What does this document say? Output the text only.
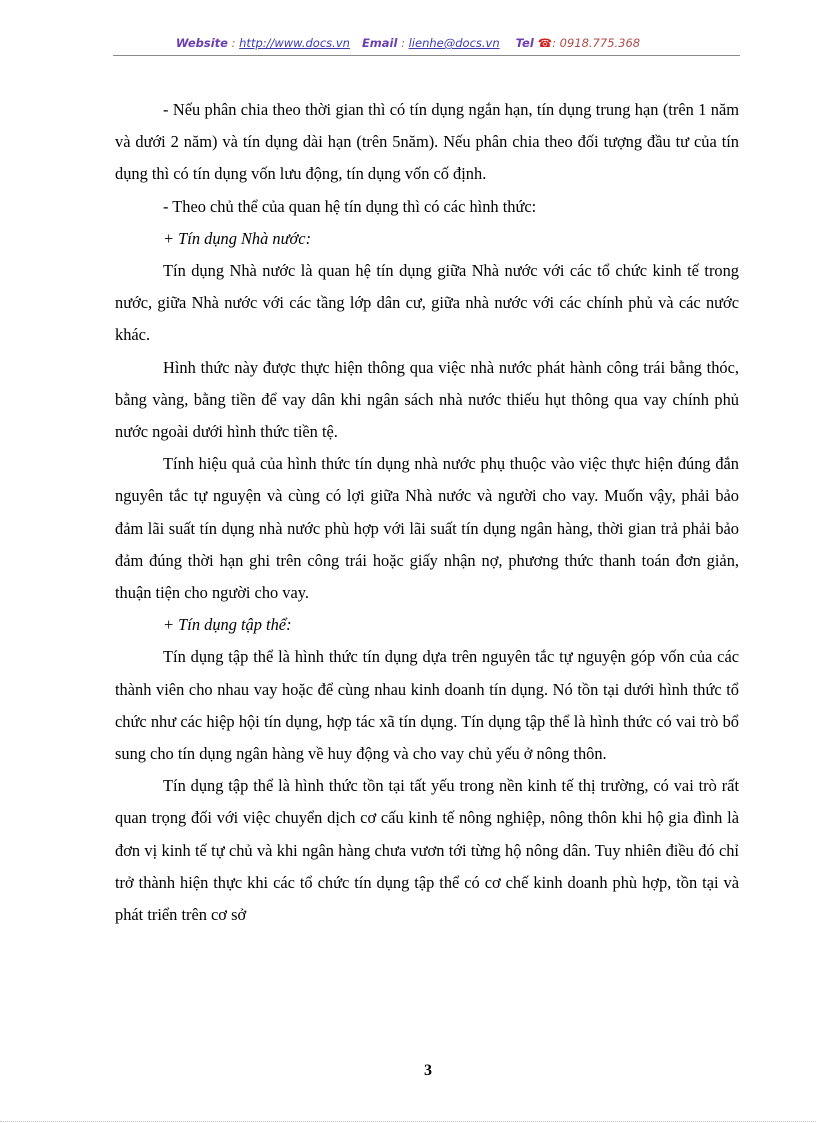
Website : http://www.docs.vn Email : lienhe@docs.vn Tel ☎: 0918.775.368

- Nếu phân chia theo thời gian thì có tín dụng ngắn hạn, tín dụng trung hạn (trên 1 năm và dưới 2 năm) và tín dụng dài hạn (trên 5năm). Nếu phân chia theo đối tượng đầu tư của tín dụng thì có tín dụng vốn lưu động, tín dụng vốn cố định.

- Theo chủ thể của quan hệ tín dụng thì có các hình thức:

+ Tín dụng Nhà nước:

Tín dụng Nhà nước là quan hệ tín dụng giữa Nhà nước với các tổ chức kinh tế trong nước, giữa Nhà nước với các tầng lớp dân cư, giữa nhà nước với các chính phủ và các nước khác.

Hình thức này được thực hiện thông qua việc nhà nước phát hành công trái bằng thóc, bằng vàng, bằng tiền để vay dân khi ngân sách nhà nước thiếu hụt thông qua vay chính phủ nước ngoài dưới hình thức tiền tệ.

Tính hiệu quả của hình thức tín dụng nhà nước phụ thuộc vào việc thực hiện đúng đắn nguyên tắc tự nguyện và cùng có lợi giữa Nhà nước và người cho vay. Muốn vậy, phải bảo đảm lãi suất tín dụng nhà nước phù hợp với lãi suất tín dụng ngân hàng, thời gian trả phải bảo đảm đúng thời hạn ghi trên công trái hoặc giấy nhận nợ, phương thức thanh toán đơn giản, thuận tiện cho người cho vay.

+ Tín dụng tập thể:

Tín dụng tập thể là hình thức tín dụng dựa trên nguyên tắc tự nguyện góp vốn của các thành viên cho nhau vay hoặc để cùng nhau kinh doanh tín dụng. Nó tồn tại dưới hình thức tổ chức như các hiệp hội tín dụng, hợp tác xã tín dụng. Tín dụng tập thể là hình thức có vai trò bổ sung cho tín dụng ngân hàng về huy động và cho vay chủ yếu ở nông thôn.

Tín dụng tập thể là hình thức tồn tại tất yếu trong nền kinh tế thị trường, có vai trò rất quan trọng đối với việc chuyển dịch cơ cấu kinh tế nông nghiệp, nông thôn khi hộ gia đình là đơn vị kinh tế tự chủ và khi ngân hàng chưa vươn tới từng hộ nông dân. Tuy nhiên điều đó chỉ trở thành hiện thực khi các tổ chức tín dụng tập thể có cơ chế kinh doanh phù hợp, tồn tại và phát triển trên cơ sở

3
